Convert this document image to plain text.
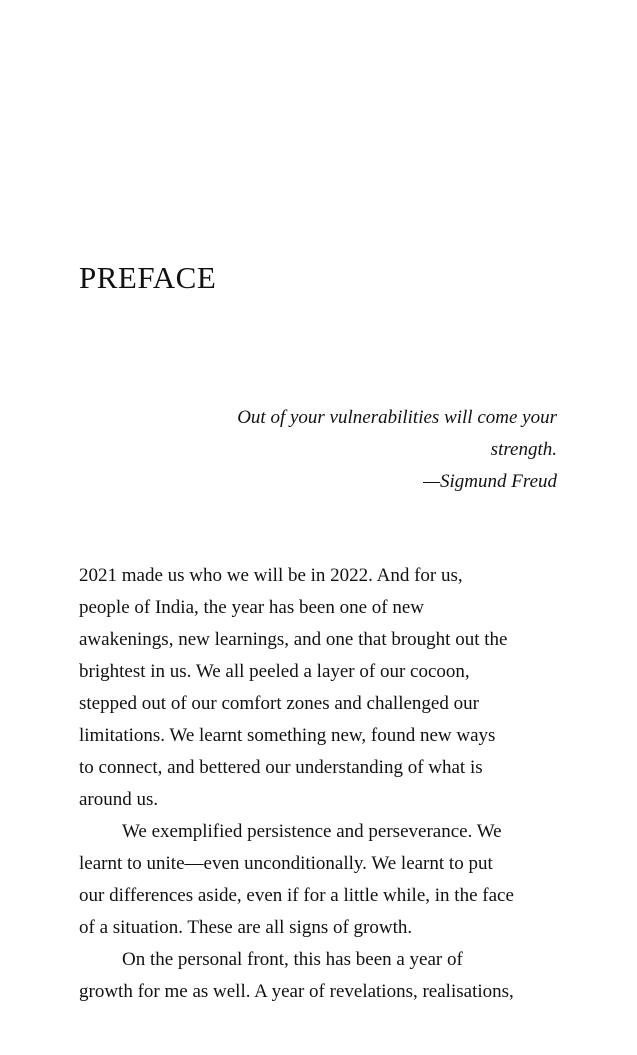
PREFACE
Out of your vulnerabilities will come your
strength.
—Sigmund Freud
2021 made us who we will be in 2022. And for us,
people of India, the year has been one of new
awakenings, new learnings, and one that brought out the
brightest in us. We all peeled a layer of our cocoon,
stepped out of our comfort zones and challenged our
limitations. We learnt something new, found new ways
to connect, and bettered our understanding of what is
around us.
We exemplified persistence and perseverance. We
learnt to unite—even unconditionally. We learnt to put
our differences aside, even if for a little while, in the face
of a situation. These are all signs of growth.
On the personal front, this has been a year of
growth for me as well. A year of revelations, realisations,
